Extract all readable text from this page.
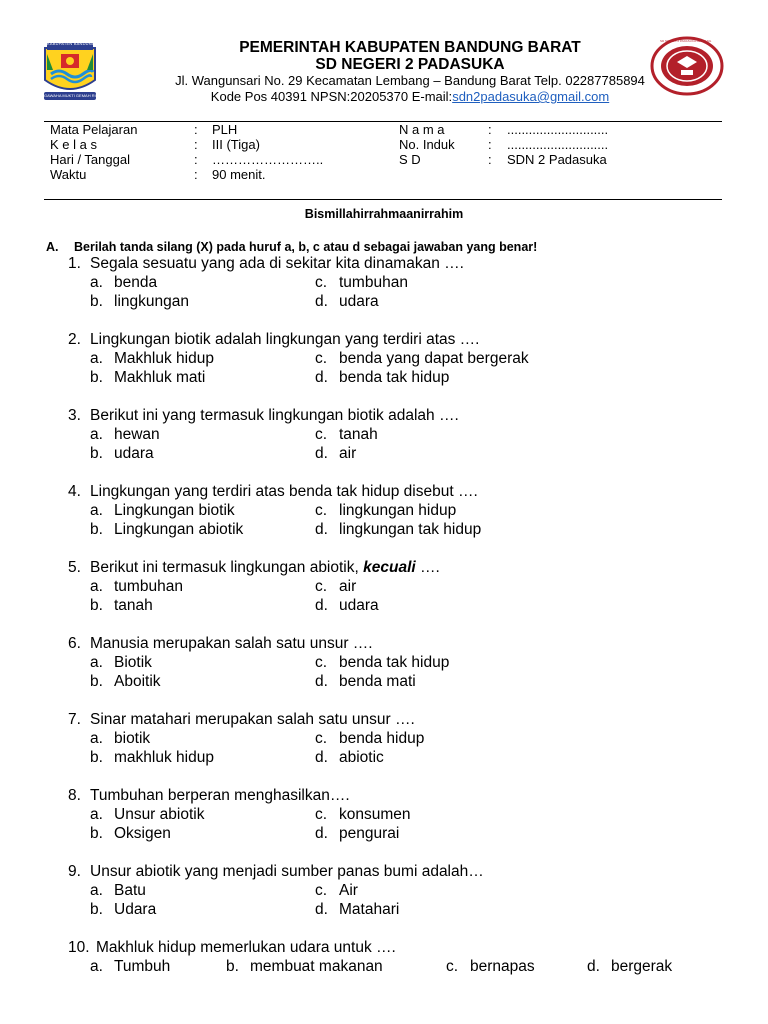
KABUPATEN BANDUNG BARAT
GAWAHA MUKTI GEMAH RIPAH
SD NEGERI 2 PADASUKA LEMBANG
PEMERINTAH KABUPATEN BANDUNG BARAT
SD NEGERI 2 PADASUKA
Jl. Wangunsari No. 29 Kecamatan Lembang – Bandung Barat Telp. 02287785894
Kode Pos 40391 NPSN:20205370 E-mail:sdn2padasuka@gmail.com
Mata Pelajaran	: PLH
K e l a s	: III (Tiga)
Hari / Tanggal	: ……………………..
Waktu	: 90 menit.
N a m a	: ............................
No. Induk	: ............................
S D	: SDN 2 Padasuka
Bismillahirrahmaanirrahim
A. Berilah tanda silang (X) pada huruf a, b, c atau d sebagai jawaban yang benar!
1. Segala sesuatu yang ada di sekitar kita dinamakan ….
a. benda	c. tumbuhan
b. lingkungan	d. udara
2. Lingkungan biotik adalah lingkungan yang terdiri atas ….
a. Makhluk hidup	c. benda yang dapat bergerak
b. Makhluk mati	d. benda tak hidup
3. Berikut ini yang termasuk lingkungan biotik adalah ….
a. hewan	c. tanah
b. udara	d. air
4. Lingkungan yang terdiri atas benda tak hidup disebut ….
a. Lingkungan biotik	c. lingkungan hidup
b. Lingkungan abiotik	d. lingkungan tak hidup
5. Berikut ini termasuk lingkungan abiotik, kecuali ….
a. tumbuhan	c. air
b. tanah	d. udara
6. Manusia merupakan salah satu unsur ….
a. Biotik	c. benda tak hidup
b. Aboitik	d. benda mati
7. Sinar matahari merupakan salah satu unsur ….
a. biotik	c. benda hidup
b. makhluk hidup	d. abiotic
8. Tumbuhan berperan menghasilkan….
a. Unsur abiotik	c. konsumen
b. Oksigen	d. pengurai
9. Unsur abiotik yang menjadi sumber panas bumi adalah…
a. Batu	c. Air
b. Udara	d. Matahari
10. Makhluk hidup memerlukan udara untuk ….
a. Tumbuh	b. membuat makanan	c. bernapas	d. bergerak
